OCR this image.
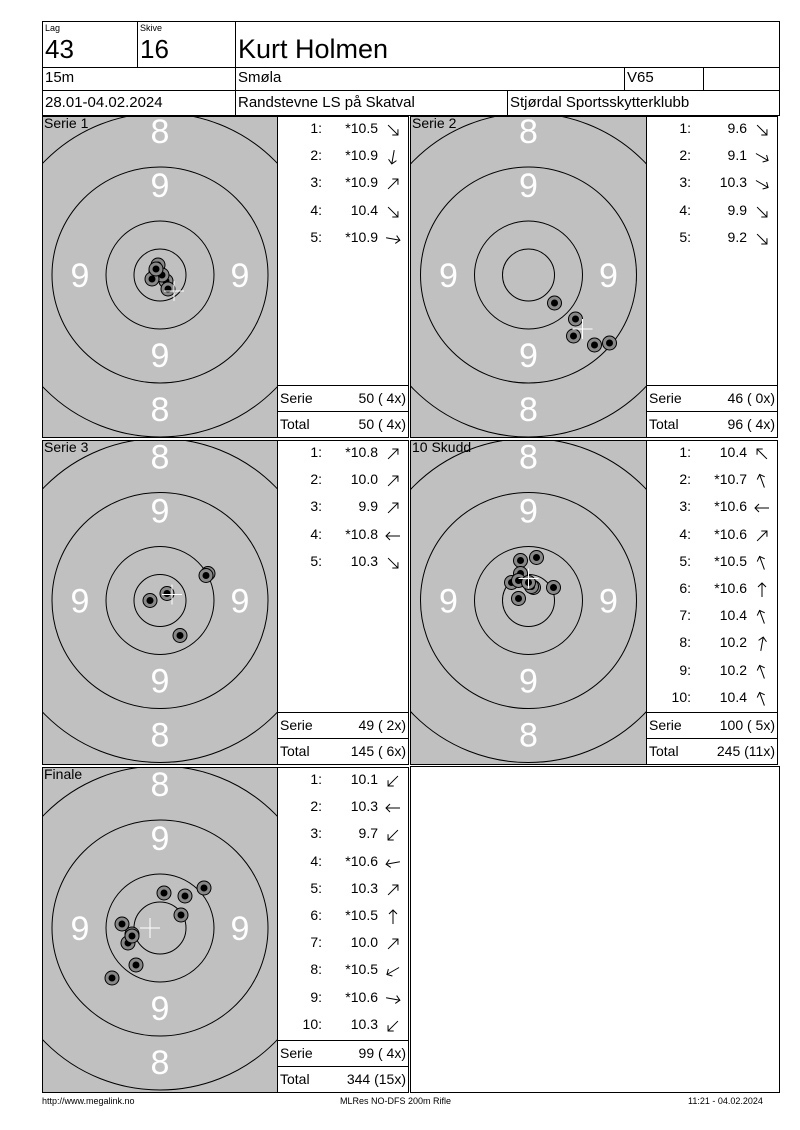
Lag
43
Skive
16	Kurt Holmen
15m	Smøla	V65
28.01-04.02.2024	Randstevne LS på Skatval	Stjørdal Sportsskytterklubb
8
9
9	9
9
8
Serie 1	1: *10.5
2: *10.9
3: *10.9
4: 10.4
5: *10.9
Serie	50 ( 4x)
Total	50 ( 4x)
8
9
9	9
9
8
Serie 2	1:	9.6
2:	9.1
3: 10.3
4:	9.9
5:	9.2
Serie	46 ( 0x)
Total	96 ( 4x)
8
9
9	9
9
8
Serie 3	1: *10.8
2: 10.0
3:	9.9
4: *10.8
5: 10.3
Serie	49 ( 2x)
Total	145 ( 6x)
8
9
9	9
9
8
10 Skudd	1: 10.4
2: *10.7
3: *10.6
4: *10.6
5: *10.5
6: *10.6
7: 10.4
8: 10.2
9: 10.2
10: 10.4
Serie	100 ( 5x)
Total	245 (11x)
8
9
9	9
9
8
Finale	1: 10.1
2: 10.3
3:	9.7
4: *10.6
5: 10.3
6: *10.5
7: 10.0
8: *10.5
9: *10.6
10: 10.3
Serie	99 ( 4x)
Total	344 (15x)
http://www.megalink.no	MLRes NO-DFS 200m Rifle	11:21 - 04.02.2024
